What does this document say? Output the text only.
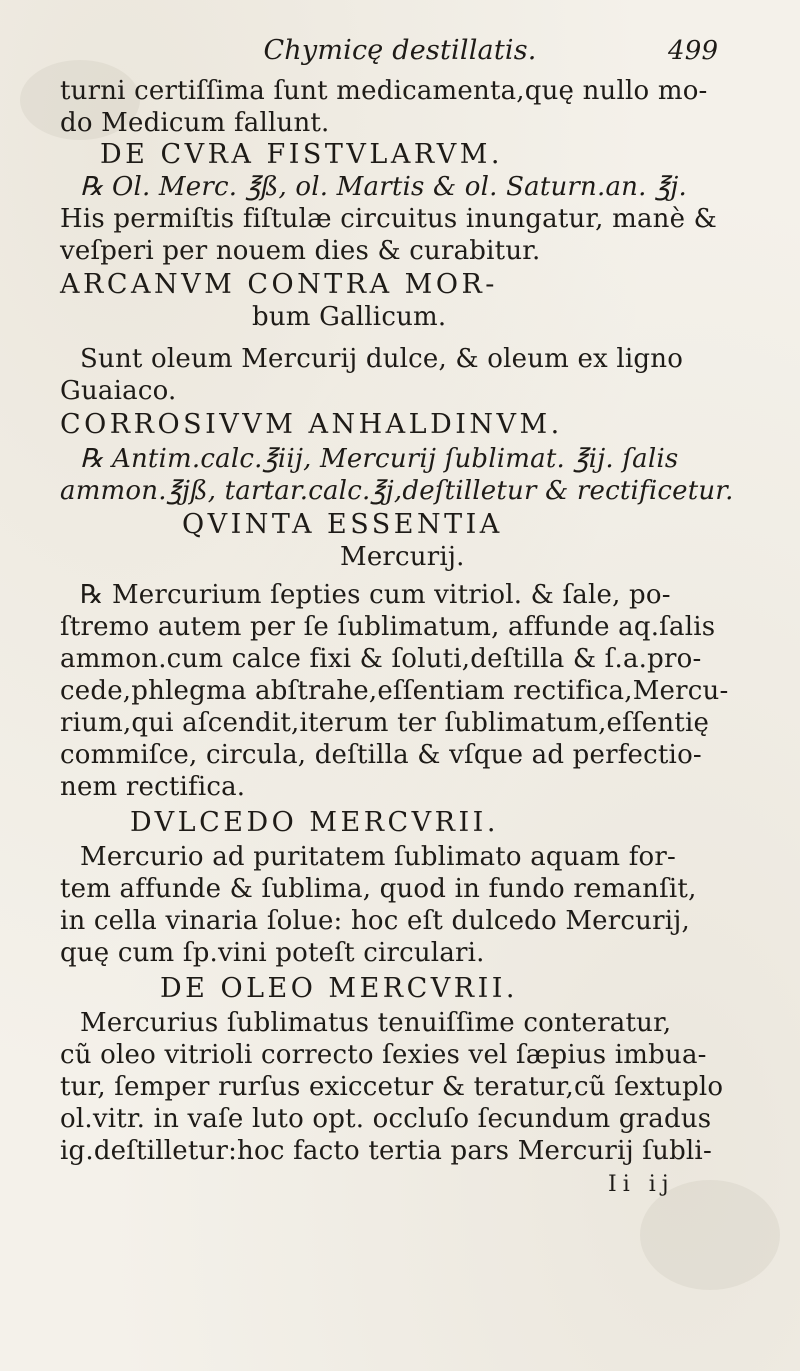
Chymicę destillatis.	499
turni certiſſima ſunt medicamenta,quę nullo mo-
do Medicum fallunt.
DE CVRA FISTVLARVM.
℞ Ol. Merc. ℥ß, ol. Martis & ol. Saturn.an. ℥j.
His permiſtis fiſtulæ circuitus inungatur, manè &
veſperi per nouem dies & curabitur.
ARCANVM CONTRA MOR-
bum Gallicum.
Sunt oleum Mercurij dulce, & oleum ex ligno
Guaiaco.
CORROSIVVM ANHALDINVM.
℞ Antim.calc.℥iij, Mercurij ſublimat. ℥ij. ſalis
ammon.℥jß, tartar.calc.℥j,deſtilletur & rectificetur.
QVINTA ESSENTIA
Mercurij.
℞ Mercurium ſepties cum vitriol. & ſale, po-
ſtremo autem per ſe ſublimatum, affunde aq.ſalis
ammon.cum calce fixi & ſoluti,deſtilla & ſ.a.pro-
cede,phlegma abſtrahe,eſſentiam rectifica,Mercu-
rium,qui aſcendit,iterum ter ſublimatum,eſſentię
commiſce, circula, deſtilla & vſque ad perfectio-
nem rectifica.
DVLCEDO MERCVRII.
Mercurio ad puritatem ſublimato aquam for-
tem affunde & ſublima, quod in fundo remanſit,
in cella vinaria ſolue: hoc eſt dulcedo Mercurij,
quę cum ſp.vini poteſt circulari.
DE OLEO MERCVRII.
Mercurius ſublimatus tenuiſſime conteratur,
cũ oleo vitrioli correcto ſexies vel ſæpius imbua-
tur, ſemper rurſus exiccetur & teratur,cũ ſextuplo
ol.vitr. in vaſe luto opt. occluſo ſecundum gradus
ig.deſtilletur:hoc facto tertia pars Mercurij ſubli-
Ii ij
